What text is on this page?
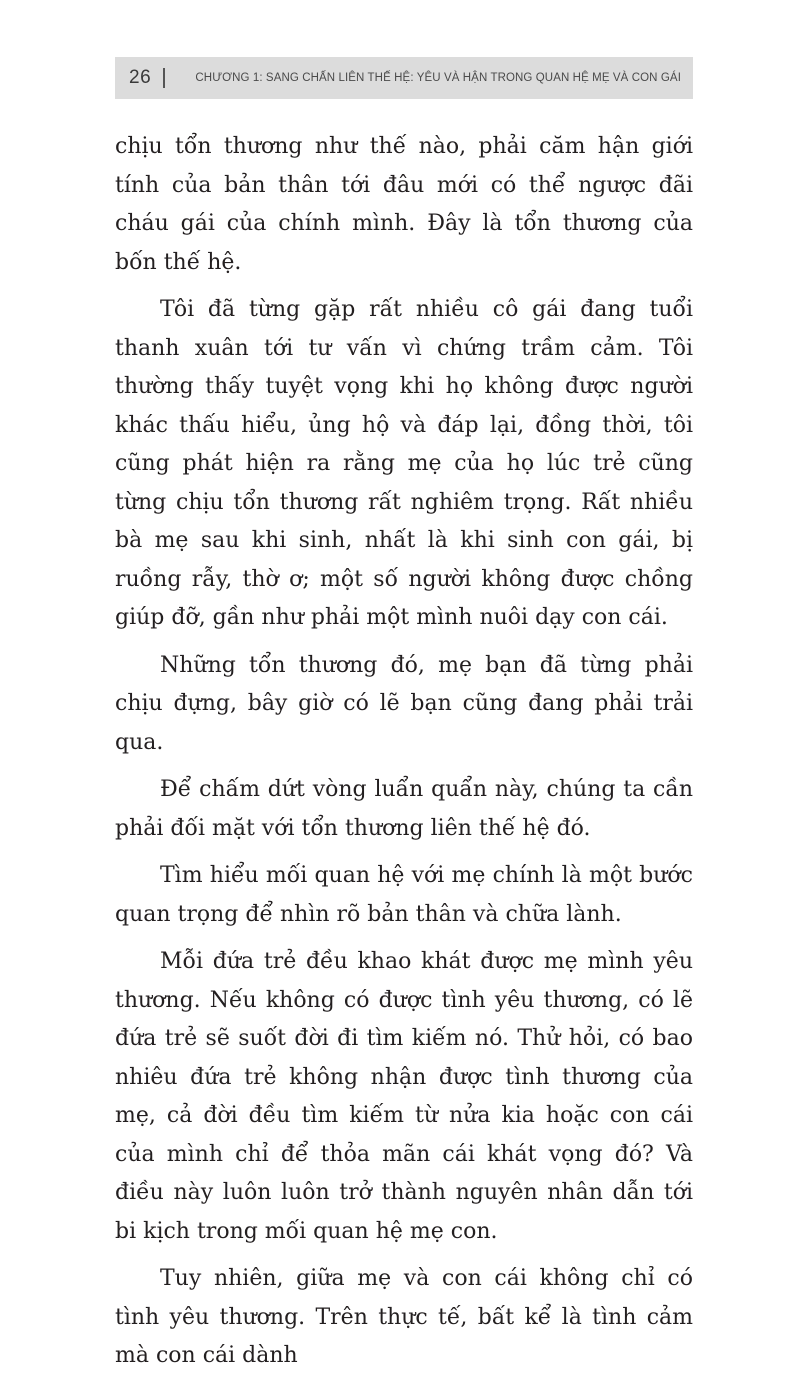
26	CHƯƠNG 1: SANG CHẤN LIÊN THẾ HỆ: YÊU VÀ HẬN TRONG QUAN HỆ MẸ VÀ CON GÁI

chịu tổn thương như thế nào, phải căm hận giới tính của bản thân tới đâu mới có thể ngược đãi cháu gái của chính mình. Đây là tổn thương của bốn thế hệ.

Tôi đã từng gặp rất nhiều cô gái đang tuổi thanh xuân tới tư vấn vì chứng trầm cảm. Tôi thường thấy tuyệt vọng khi họ không được người khác thấu hiểu, ủng hộ và đáp lại, đồng thời, tôi cũng phát hiện ra rằng mẹ của họ lúc trẻ cũng từng chịu tổn thương rất nghiêm trọng. Rất nhiều bà mẹ sau khi sinh, nhất là khi sinh con gái, bị ruồng rẫy, thờ ơ; một số người không được chồng giúp đỡ, gần như phải một mình nuôi dạy con cái.

Những tổn thương đó, mẹ bạn đã từng phải chịu đựng, bây giờ có lẽ bạn cũng đang phải trải qua.

Để chấm dứt vòng luẩn quẩn này, chúng ta cần phải đối mặt với tổn thương liên thế hệ đó.

Tìm hiểu mối quan hệ với mẹ chính là một bước quan trọng để nhìn rõ bản thân và chữa lành.

Mỗi đứa trẻ đều khao khát được mẹ mình yêu thương. Nếu không có được tình yêu thương, có lẽ đứa trẻ sẽ suốt đời đi tìm kiếm nó. Thử hỏi, có bao nhiêu đứa trẻ không nhận được tình thương của mẹ, cả đời đều tìm kiếm từ nửa kia hoặc con cái của mình chỉ để thỏa mãn cái khát vọng đó? Và điều này luôn luôn trở thành nguyên nhân dẫn tới bi kịch trong mối quan hệ mẹ con.

Tuy nhiên, giữa mẹ và con cái không chỉ có tình yêu thương. Trên thực tế, bất kể là tình cảm mà con cái dành
